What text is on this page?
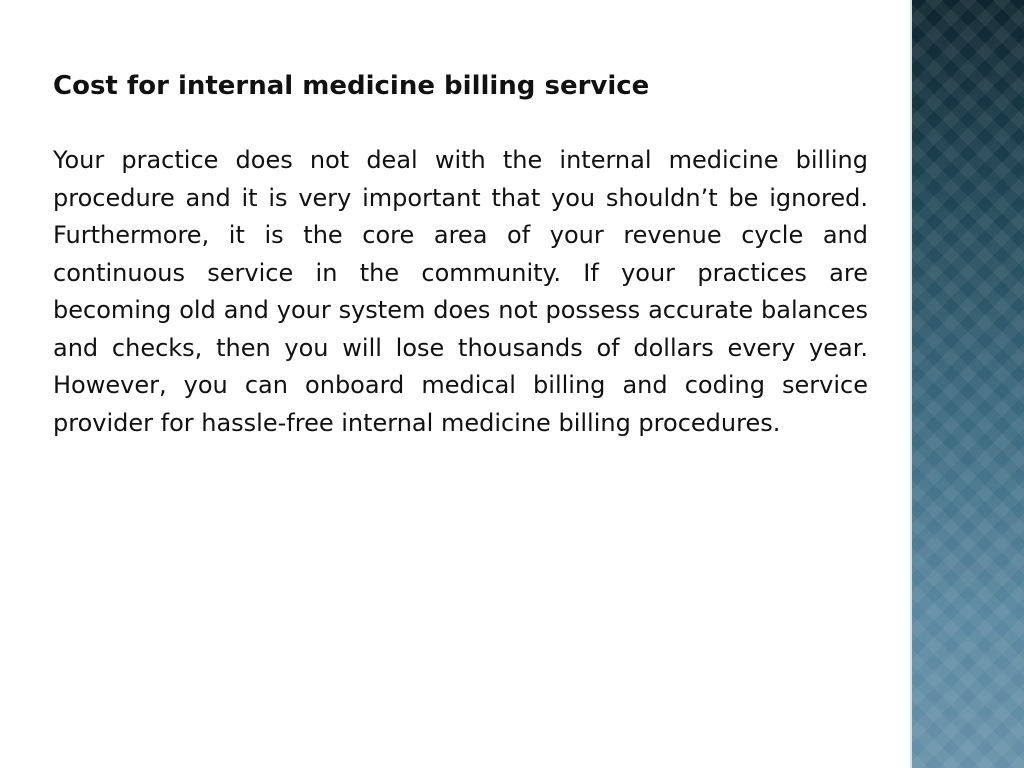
Cost for internal medicine billing service

Your practice does not deal with the internal medicine billing procedure and it is very important that you shouldn’t be ignored. Furthermore, it is the core area of your revenue cycle and continuous service in the community. If your practices are becoming old and your system does not possess accurate balances and checks, then you will lose thousands of dollars every year. However, you can onboard medical billing and coding service provider for hassle-free internal medicine billing procedures.
